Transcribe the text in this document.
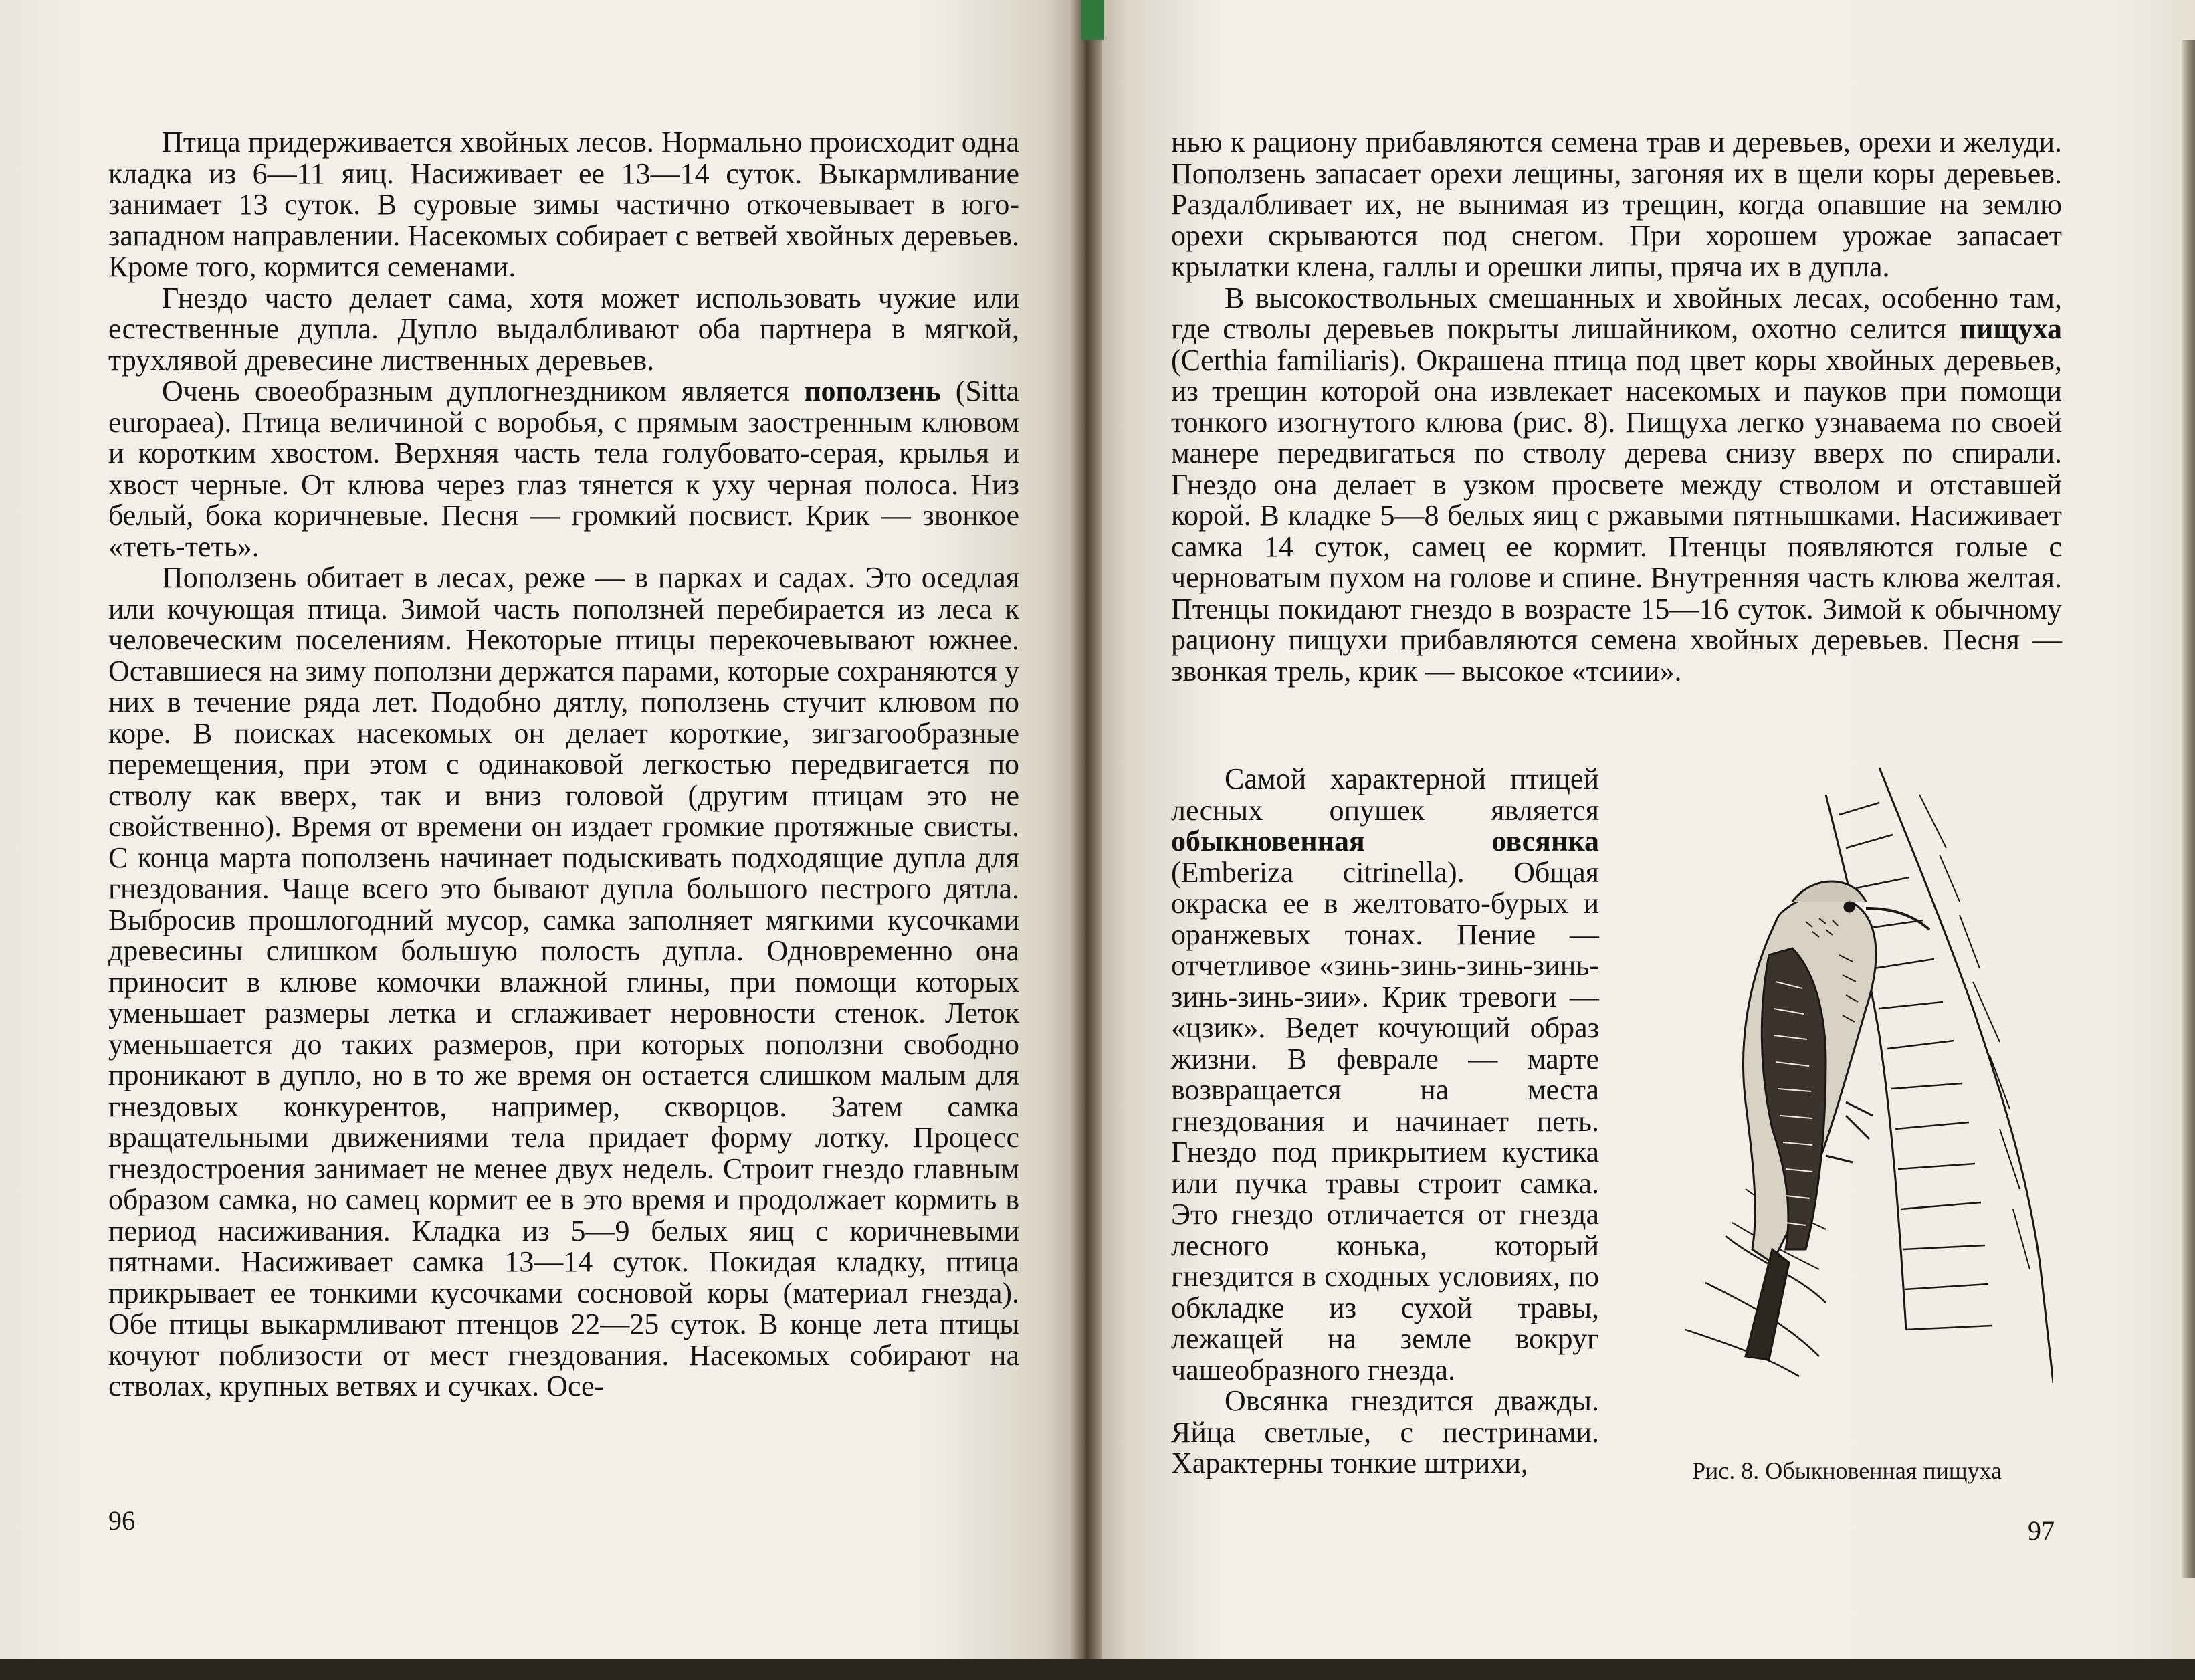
Птица придерживается хвойных лесов. Нормально происходит одна кладка из 6—11 яиц. Насиживает ее 13—14 суток. Выкармливание занимает 13 суток. В суровые зимы частично откочевывает в юго-западном направлении. Насекомых собирает с ветвей хвойных деревьев. Кроме того, кормится семенами.

Гнездо часто делает сама, хотя может использовать чужие или естественные дупла. Дупло выдалбливают оба партнера в мягкой, трухлявой древесине лиственных деревьев.

Очень своеобразным дуплогнездником является поползень (Sitta europaea). Птица величиной с воробья, с прямым заостренным клювом и коротким хвостом. Верхняя часть тела голубовато-серая, крылья и хвост черные. От клюва через глаз тянется к уху черная полоса. Низ белый, бока коричневые. Песня — громкий посвист. Крик — звонкое «теть-теть».

Поползень обитает в лесах, реже — в парках и садах. Это оседлая или кочующая птица. Зимой часть поползней перебирается из леса к человеческим поселениям. Некоторые птицы перекочевывают южнее. Оставшиеся на зиму поползни держатся парами, которые сохраняются у них в течение ряда лет. Подобно дятлу, поползень стучит клювом по коре. В поисках насекомых он делает короткие, зигзагообразные перемещения, при этом с одинаковой легкостью передвигается по стволу как вверх, так и вниз головой (другим птицам это не свойственно). Время от времени он издает громкие протяжные свисты. С конца марта поползень начинает подыскивать подходящие дупла для гнездования. Чаще всего это бывают дупла большого пестрого дятла. Выбросив прошлогодний мусор, самка заполняет мягкими кусочками древесины слишком большую полость дупла. Одновременно она приносит в клюве комочки влажной глины, при помощи которых уменьшает размеры летка и сглаживает неровности стенок. Леток уменьшается до таких размеров, при которых поползни свободно проникают в дупло, но в то же время он остается слишком малым для гнездовых конкурентов, например, скворцов. Затем самка вращательными движениями тела придает форму лотку. Процесс гнездостроения занимает не менее двух недель. Строит гнездо главным образом самка, но самец кормит ее в это время и продолжает кормить в период насиживания. Кладка из 5—9 белых яиц с коричневыми пятнами. Насиживает самка 13—14 суток. Покидая кладку, птица прикрывает ее тонкими кусочками сосновой коры (материал гнезда). Обе птицы выкармливают птенцов 22—25 суток. В конце лета птицы кочуют поблизости от мест гнездования. Насекомых собирают на стволах, крупных ветвях и сучках. Осе-

96

нью к рациону прибавляются семена трав и деревьев, орехи и желуди. Поползень запасает орехи лещины, загоняя их в щели коры деревьев. Раздалбливает их, не вынимая из трещин, когда опавшие на землю орехи скрываются под снегом. При хорошем урожае запасает крылатки клена, галлы и орешки липы, пряча их в дупла.

В высокоствольных смешанных и хвойных лесах, особенно там, где стволы деревьев покрыты лишайником, охотно селится пищуха (Certhia familiaris). Окрашена птица под цвет коры хвойных деревьев, из трещин которой она извлекает насекомых и пауков при помощи тонкого изогнутого клюва (рис. 8). Пищуха легко узнаваема по своей манере передвигаться по стволу дерева снизу вверх по спирали. Гнездо она делает в узком просвете между стволом и отставшей корой. В кладке 5—8 белых яиц с ржавыми пятнышками. Насиживает самка 14 суток, самец ее кормит. Птенцы появляются голые с черноватым пухом на голове и спине. Внутренняя часть клюва желтая. Птенцы покидают гнездо в возрасте 15—16 суток. Зимой к обычному рациону пищухи прибавляются семена хвойных деревьев. Песня — звонкая трель, крик — высокое «тсиии».

Самой характерной птицей лесных опушек является обыкновенная овсянка (Emberiza citrinella). Общая окраска ее в желтовато-бурых и оранжевых тонах. Пение — отчетливое «зинь-зинь-зинь-зинь-зинь-зинь-зии». Крик тревоги — «цзик». Ведет кочующий образ жизни. В феврале — марте возвращается на места гнездования и начинает петь. Гнездо под прикрытием кустика или пучка травы строит самка. Это гнездо отличается от гнезда лесного конька, который гнездится в сходных условиях, по обкладке из сухой травы, лежащей на земле вокруг чашеобразного гнезда.

Овсянка гнездится дважды. Яйца светлые, с пестринами. Характерны тонкие штрихи,	Рис. 8. Обыкновенная пищуха
97
